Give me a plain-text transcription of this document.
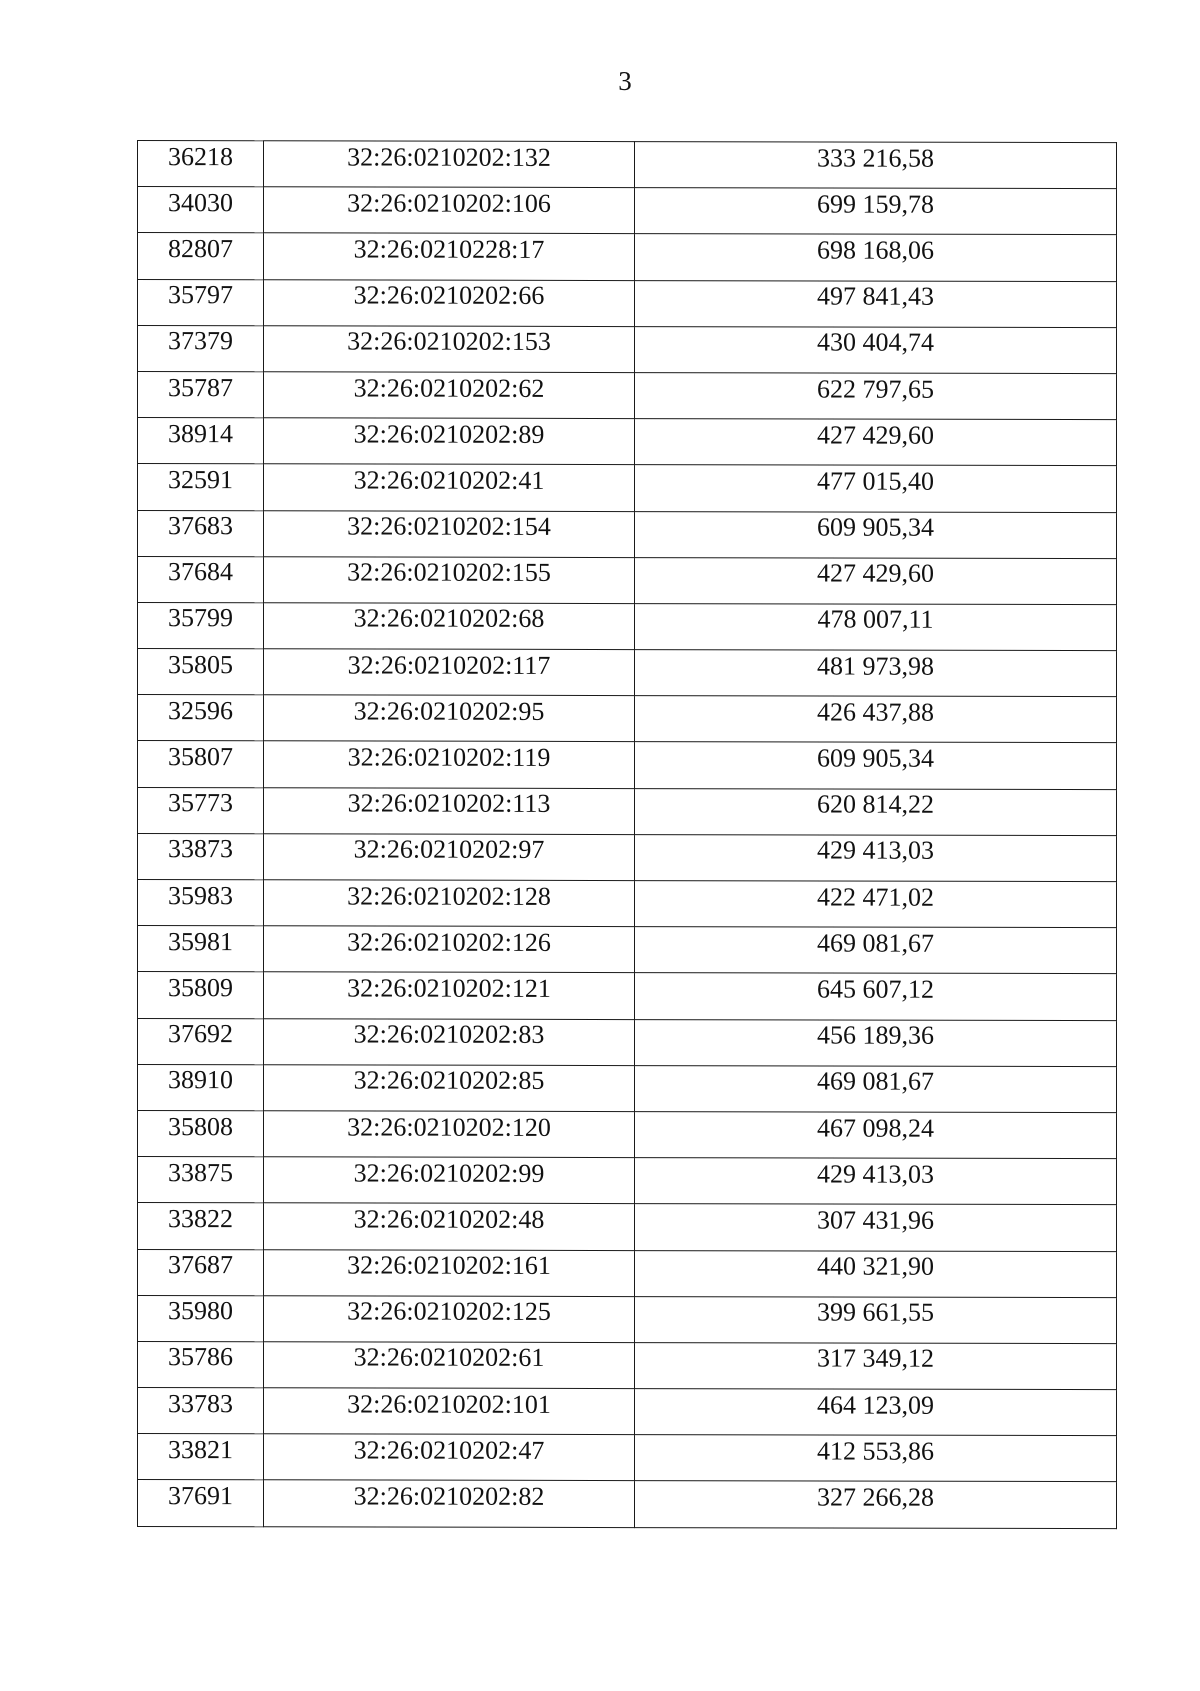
3
36218	32:26:0210202:132	333 216,58
34030	32:26:0210202:106	699 159,78
82807	32:26:0210228:17	698 168,06
35797	32:26:0210202:66	497 841,43
37379	32:26:0210202:153	430 404,74
35787	32:26:0210202:62	622 797,65
38914	32:26:0210202:89	427 429,60
32591	32:26:0210202:41	477 015,40
37683	32:26:0210202:154	609 905,34
37684	32:26:0210202:155	427 429,60
35799	32:26:0210202:68	478 007,11
35805	32:26:0210202:117	481 973,98
32596	32:26:0210202:95	426 437,88
35807	32:26:0210202:119	609 905,34
35773	32:26:0210202:113	620 814,22
33873	32:26:0210202:97	429 413,03
35983	32:26:0210202:128	422 471,02
35981	32:26:0210202:126	469 081,67
35809	32:26:0210202:121	645 607,12
37692	32:26:0210202:83	456 189,36
38910	32:26:0210202:85	469 081,67
35808	32:26:0210202:120	467 098,24
33875	32:26:0210202:99	429 413,03
33822	32:26:0210202:48	307 431,96
37687	32:26:0210202:161	440 321,90
35980	32:26:0210202:125	399 661,55
35786	32:26:0210202:61	317 349,12
33783	32:26:0210202:101	464 123,09
33821	32:26:0210202:47	412 553,86
37691	32:26:0210202:82	327 266,28
